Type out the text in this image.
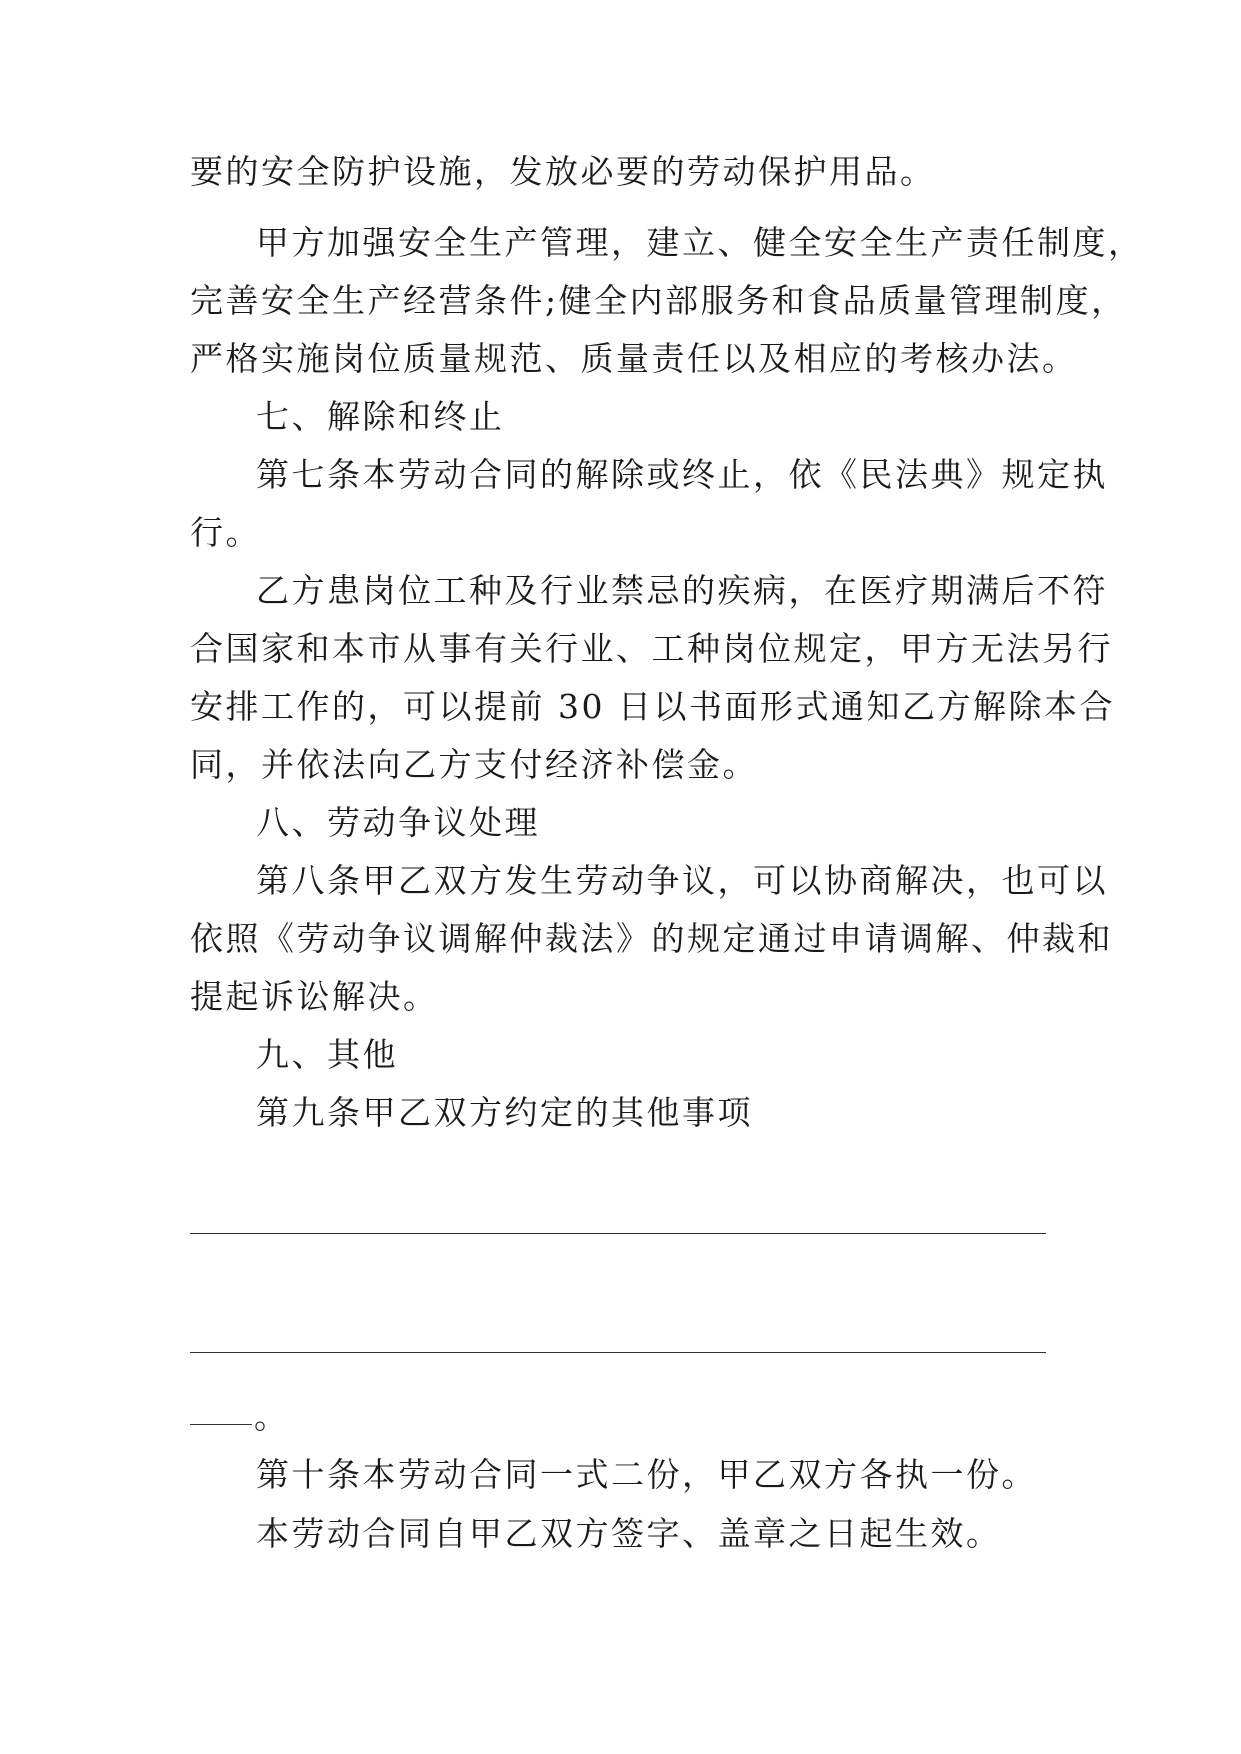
要的安全防护设施，发放必要的劳动保护用品。
甲方加强安全生产管理，建立、健全安全生产责任制度，
完善安全生产经营条件;健全内部服务和食品质量管理制度，
严格实施岗位质量规范、质量责任以及相应的考核办法。
七、解除和终止
第七条本劳动合同的解除或终止，依《民法典》规定执
行。
乙方患岗位工种及行业禁忌的疾病，在医疗期满后不符
合国家和本市从事有关行业、工种岗位规定，甲方无法另行
安排工作的，可以提前 30 日以书面形式通知乙方解除本合
同，并依法向乙方支付经济补偿金。
八、劳动争议处理
第八条甲乙双方发生劳动争议，可以协商解决，也可以
依照《劳动争议调解仲裁法》的规定通过申请调解、仲裁和
提起诉讼解决。
九、其他
第九条甲乙双方约定的其他事项
。
第十条本劳动合同一式二份，甲乙双方各执一份。
本劳动合同自甲乙双方签字、盖章之日起生效。
